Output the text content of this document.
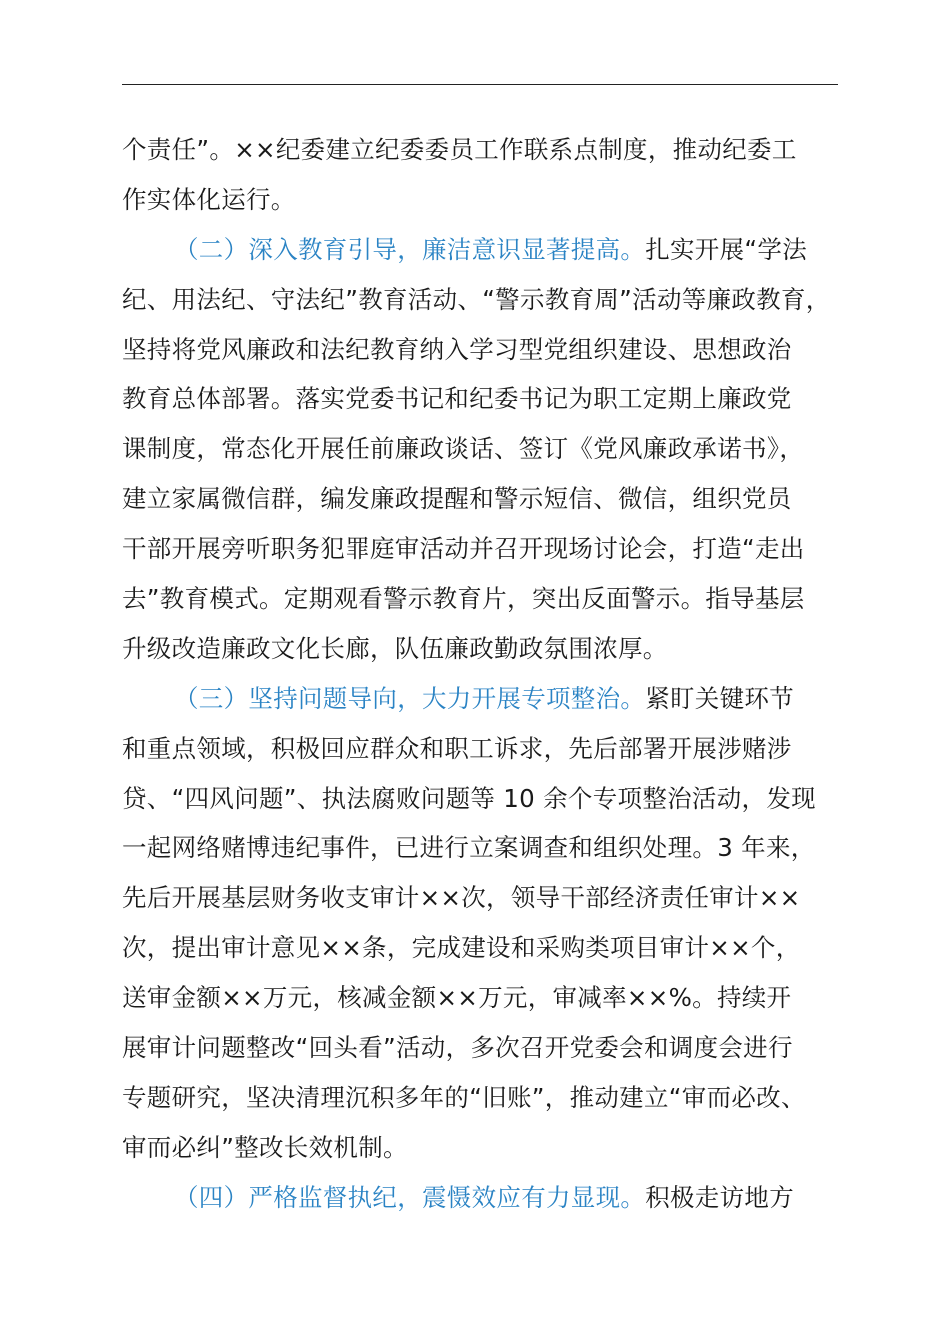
个责任”。××纪委建立纪委委员工作联系点制度，推动纪委工
作实体化运行。
（二）深入教育引导，廉洁意识显著提高。扎实开展“学法
纪、用法纪、守法纪”教育活动、“警示教育周”活动等廉政教育，
坚持将党风廉政和法纪教育纳入学习型党组织建设、思想政治
教育总体部署。落实党委书记和纪委书记为职工定期上廉政党
课制度，常态化开展任前廉政谈话、签订《党风廉政承诺书》，
建立家属微信群，编发廉政提醒和警示短信、微信，组织党员
干部开展旁听职务犯罪庭审活动并召开现场讨论会，打造“走出
去”教育模式。定期观看警示教育片，突出反面警示。指导基层
升级改造廉政文化长廊，队伍廉政勤政氛围浓厚。
（三）坚持问题导向，大力开展专项整治。紧盯关键环节
和重点领域，积极回应群众和职工诉求，先后部署开展涉赌涉
贷、“四风问题”、执法腐败问题等 10 余个专项整治活动，发现
一起网络赌博违纪事件，已进行立案调查和组织处理。3 年来，
先后开展基层财务收支审计××次，领导干部经济责任审计××
次，提出审计意见××条，完成建设和采购类项目审计××个，
送审金额××万元，核减金额××万元，审减率××%。持续开
展审计问题整改“回头看”活动，多次召开党委会和调度会进行
专题研究，坚决清理沉积多年的“旧账”，推动建立“审而必改、
审而必纠”整改长效机制。
（四）严格监督执纪，震慑效应有力显现。积极走访地方
